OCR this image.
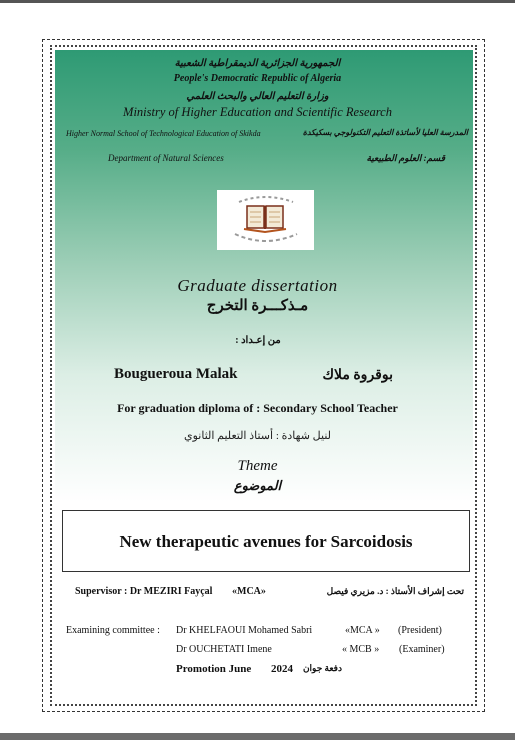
الجمهورية الجزائرية الديمقراطية الشعبية
People's Democratic Republic of Algeria
وزارة التعليم العالي والبحث العلمي
Ministry of Higher Education and Scientific Research
Higher Normal School of Technological Education of Skikda	المدرسة العليا لأساتذة التعليم التكنولوجي بسكيكدة
Department of Natural Sciences	قسم: العلوم الطبيعية
Graduate dissertation
مـذكـــرة التخرج
من إعـداد :
Bougueroua Malak	بوقروة ملاك
For graduation diploma of : Secondary School Teacher
لنيل شهادة : أستاذ التعليم الثانوي
Theme
الموضوع
New therapeutic avenues for Sarcoidosis
Supervisor : Dr MEZIRI Fayçal «MCA»	تحت إشراف الأستاذ : د. مزيري فيصل
Examining committee : Dr KHELFAOUI Mohamed Sabri	«MCA » (President)
Dr OUCHETATI Imene	« MCB » (Examiner)
Promotion June 2024	دفعة جوان
